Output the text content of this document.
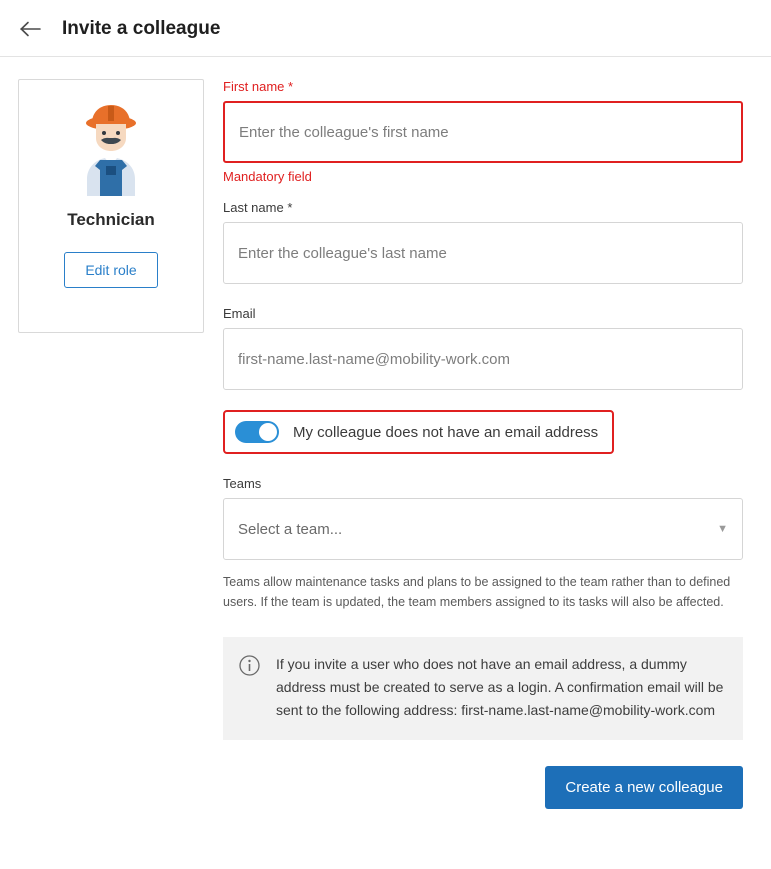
Invite a colleague
Technician
Edit role
First name *
Enter the colleague's first name
Mandatory field
Last name *
Enter the colleague's last name
Email
first-name.last-name@mobility-work.com
My colleague does not have an email address
Teams
Select a team...	▼
Teams allow maintenance tasks and plans to be assigned to the team rather than to defined users. If the team is updated, the team members assigned to its tasks will also be affected.
If you invite a user who does not have an email address, a dummy address must be created to serve as a login. A confirmation email will be sent to the following address: first-name.last-name@mobility-work.com
Create a new colleague
